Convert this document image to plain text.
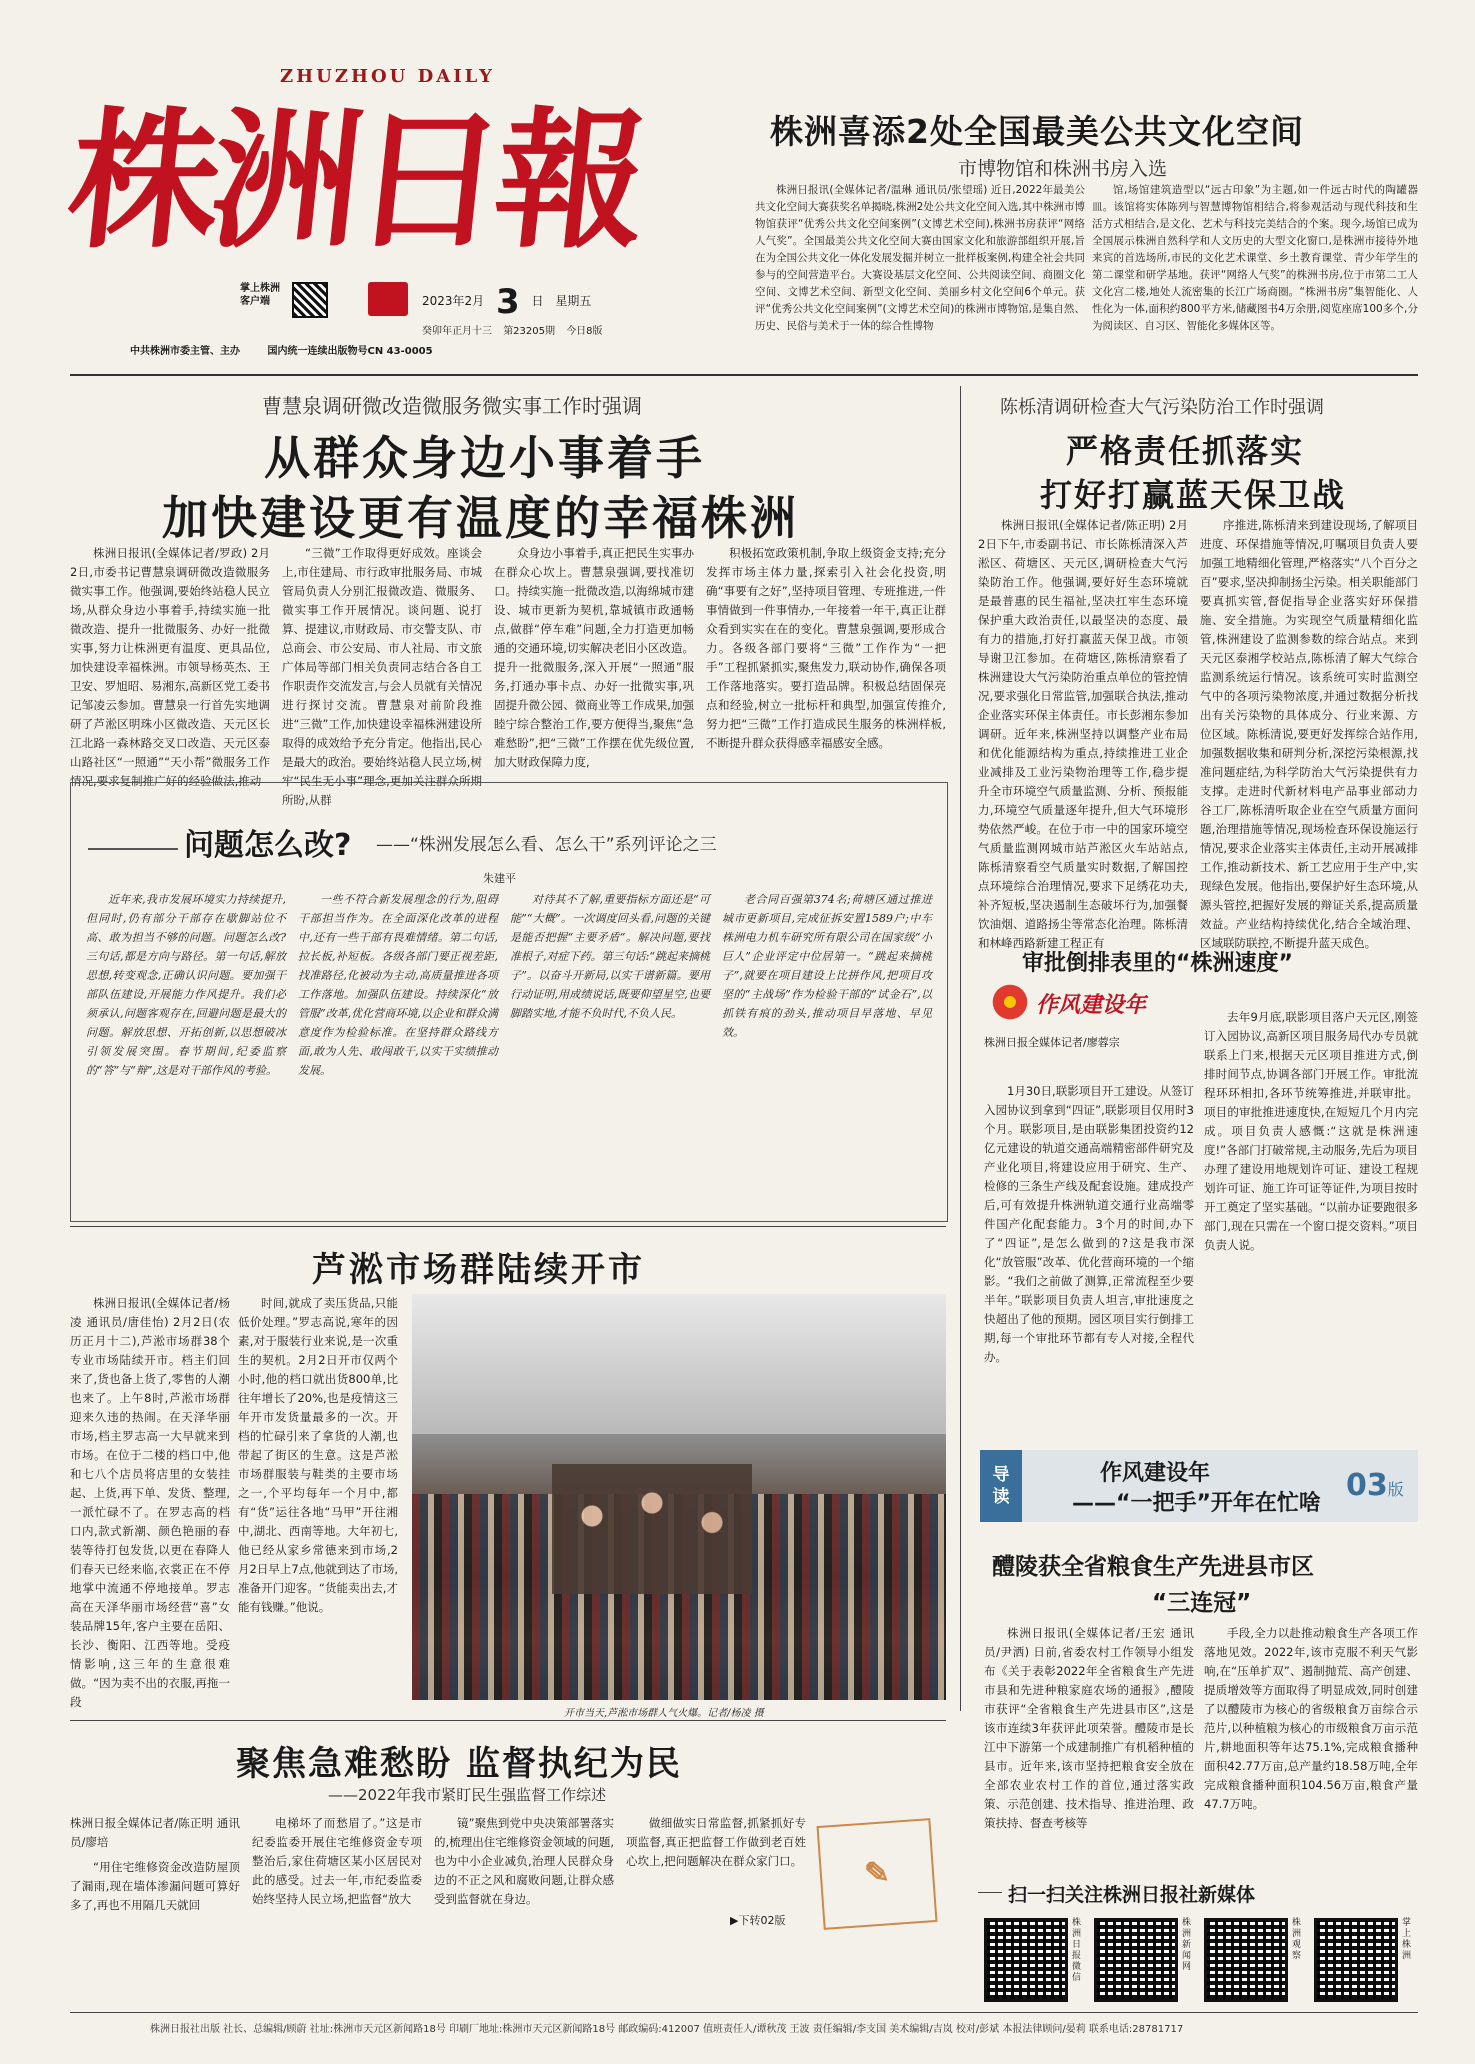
ZHUZHOU DAILY
株洲日報
掌上株洲
客户端	2023年2月 3 日 星期五
癸卯年正月十三 第23205期 今日8版
中共株洲市委主管、主办	国内统一连续出版物号CN 43-0005
株洲喜添2处全国最美公共文化空间
市博物馆和株洲书房入选

株洲日报讯(全媒体记者/温琳 通讯员/张望瑶) 近日,2022年最美公共文化空间大赛获奖名单揭晓,株洲2处公共文化空间入选,其中株洲市博物馆获评“优秀公共文化空间案例”(文博艺术空间),株洲书房获评“网络人气奖”。全国最美公共文化空间大赛由国家文化和旅游部组织开展,旨在为全国公共文化一体化发展发掘并树立一批样板案例,构建全社会共同参与的空间营造平台。大赛设基层文化空间、公共阅读空间、商圈文化空间、文博艺术空间、新型文化空间、美丽乡村文化空间6个单元。获评“优秀公共文化空间案例”(文博艺术空间)的株洲市博物馆,是集自然、历史、民俗与美术于一体的综合性博物

馆,场馆建筑造型以“远古印象”为主题,如一件远古时代的陶罐器皿。该馆将实体陈列与智慧博物馆相结合,将参观活动与现代科技和生活方式相结合,是文化、艺术与科技完美结合的个案。现今,场馆已成为全国展示株洲自然科学和人文历史的大型文化窗口,是株洲市接待外地来宾的首选场所,市民的文化艺术课堂、乡土教育课堂、青少年学生的第二课堂和研学基地。获评“网络人气奖”的株洲书房,位于市第二工人文化宫二楼,地处人流密集的长江广场商圈。“株洲书房”集智能化、人性化为一体,面积约800平方米,储藏图书4万余册,阅览座席100多个,分为阅读区、自习区、智能化多媒体区等。

曹慧泉调研微改造微服务微实事工作时强调
从群众身边小事着手
加快建设更有温度的幸福株洲

株洲日报讯(全媒体记者/罗政) 2月2日,市委书记曹慧泉调研微改造微服务微实事工作。他强调,要始终站稳人民立场,从群众身边小事着手,持续实施一批微改造、提升一批微服务、办好一批微实事,努力让株洲更有温度、更具品位,加快建设幸福株洲。市领导杨英杰、王卫安、罗旭昭、易湘东,高新区党工委书记邹凌云参加。曹慧泉一行首先实地调研了芦淞区明珠小区微改造、天元区长江北路一森林路交叉口改造、天元区泰山路社区“一照通”“天小帮”微服务工作情况,要求复制推广好的经验做法,推动

“三微”工作取得更好成效。座谈会上,市住建局、市行政审批服务局、市城管局负责人分别汇报微改造、微服务、微实事工作开展情况。谈问题、说打算、提建议,市财政局、市交警支队、市总商会、市公安局、市人社局、市文旅广体局等部门相关负责同志结合各自工作职责作交流发言,与会人员就有关情况进行探讨交流。曹慧泉对前阶段推进“三微”工作,加快建设幸福株洲建设所取得的成效给予充分肯定。他指出,民心是最大的政治。要始终站稳人民立场,树牢“民生无小事”理念,更加关注群众所期所盼,从群

众身边小事着手,真正把民生实事办在群众心坎上。曹慧泉强调,要找准切口。持续实施一批微改造,以海绵城市建设、城市更新为契机,靠城镇市政通畅点,做群“停车难”问题,全力打造更加畅通的交通环境,切实解决老旧小区改造。提升一批微服务,深入开展“一照通”服务,打通办事卡点、办好一批微实事,巩固提升微公园、微商业等工作成果,加强睦宁综合整治工作,要方便得当,聚焦“急难愁盼”,把“三微”工作摆在优先级位置,加大财政保障力度,

积极拓宽政策机制,争取上级资金支持;充分发挥市场主体力量,探索引入社会化投资,明确“事要有之好”,坚持项目管理、专班推进,一件事情做到一件事情办,一年接着一年干,真正让群众看到实实在在的变化。曹慧泉强调,要形成合力。各级各部门要将“三微”工作作为“一把手”工程抓紧抓实,聚焦发力,联动协作,确保各项工作落地落实。要打造品牌。积极总结固保亮点和经验,树立一批标杆和典型,加强宣传推介,努力把“三微”工作打造成民生服务的株洲样板,不断提升群众获得感幸福感安全感。

陈栎清调研检查大气污染防治工作时强调
严格责任抓落实
打好打赢蓝天保卫战

株洲日报讯(全媒体记者/陈正明) 2月2日下午,市委副书记、市长陈栎清深入芦淞区、荷塘区、天元区,调研检查大气污染防治工作。他强调,要好好生态环境就是最普惠的民生福祉,坚决扛牢生态环境保护重大政治责任,以最坚决的态度、最有力的措施,打好打赢蓝天保卫战。市领导谢卫江参加。在荷塘区,陈栎清察看了株洲建设大气污染防治重点单位的管控情况,要求强化日常监管,加强联合执法,推动企业落实环保主体责任。市长彭湘东参加调研。近年来,株洲坚持以调整产业布局和优化能源结构为重点,持续推进工业企业减排及工业污染物治理等工作,稳步提升全市环境空气质量监测、分析、预报能力,环境空气质量逐年提升,但大气环境形势依然严峻。在位于市一中的国家环境空气质量监测网城市站芦淞区火车站站点,陈栎清察看空气质量实时数据,了解国控点环境综合治理情况,要求下足绣花功夫,补齐短板,坚决遏制生态破坏行为,加强餐饮油烟、道路扬尘等常态化治理。陈栎清和林峰西路新建工程正有

序推进,陈栎清来到建设现场,了解项目进度、环保措施等情况,叮嘱项目负责人要加强工地精细化管理,严格落实“八个百分之百”要求,坚决抑制扬尘污染。相关职能部门要真抓实管,督促指导企业落实好环保措施、安全措施。为实现空气质量精细化监管,株洲建设了监测参数的综合站点。来到天元区泰湘学校站点,陈栎清了解大气综合监测系统运行情况。该系统可实时监测空气中的各项污染物浓度,并通过数据分析找出有关污染物的具体成分、行业来源、方位区域。陈栎清说,要更好发挥综合站作用,加强数据收集和研判分析,深挖污染根源,找准问题症结,为科学防治大气污染提供有力支撑。走进时代新材料电产品事业部动力谷工厂,陈栎清听取企业在空气质量方面问题,治理措施等情况,现场检查环保设施运行情况,要求企业落实主体责任,主动开展减排工作,推动新技术、新工艺应用于生产中,实现绿色发展。他指出,要保护好生态环境,从源头管控,把握好发展的辩证关系,提高质量效益。产业结构持续优化,结合全域治理、区域联防联控,不断提升蓝天成色。

问题怎么改? ——“株洲发展怎么看、怎么干”系列评论之三
朱建平

近年来,我市发展环境实力持续提升,但同时,仍有部分干部存在歇脚站位不高、敢为担当不够的问题。问题怎么改?三句话,都是方向与路径。第一句话,解放思想,转变观念,正确认识问题。要加强干部队伍建设,开展能力作风提升。我们必须承认,问题客观存在,回避问题是最大的问题。解放思想、开拓创新,以思想破冰引领发展突围。春节期间,纪委监察的“答”与“辩”,这是对干部作风的考验。

一些不符合新发展理念的行为,阻碍干部担当作为。在全面深化改革的进程中,还有一些干部有畏难情绪。第二句话,拉长板,补短板。各级各部门要正视差距,找准路径,化被动为主动,高质量推进各项工作落地。加强队伍建设。持续深化“放管服”改革,优化营商环境,以企业和群众满意度作为检验标准。在坚持群众路线方面,敢为人先、敢闯敢干,以实干实绩推动发展。

对待其不了解,重要指标方面还是“可能”“大概”。一次调度回头看,问题的关键是能否把握“主要矛盾”。解决问题,要找准根子,对症下药。第三句话:“跳起来摘桃子”。以奋斗开新局,以实干谱新篇。要用行动证明,用成绩说话,既要仰望星空,也要脚踏实地,才能不负时代,不负人民。

老合同百强第374名;荷塘区通过推进城市更新项目,完成征拆安置1589户;中车株洲电力机车研究所有限公司在国家级“小巨人”企业评定中位居第一。“跳起来摘桃子”,就要在项目建设上比拼作风,把项目攻坚的“主战场”作为检验干部的“试金石”,以抓铁有痕的劲头,推动项目早落地、早见效。

审批倒排表里的“株洲速度”
作风建设年
株洲日报全媒体记者/廖蓉宗

1月30日,联影项目开工建设。从签订入园协议到拿到“四证”,联影项目仅用时3个月。联影项目,是由联影集团投资约12亿元建设的轨道交通高端精密部件研究及产业化项目,将建设应用于研究、生产、检修的三条生产线及配套设施。建成投产后,可有效提升株洲轨道交通行业高端零件国产化配套能力。3个月的时间,办下了“四证”,是怎么做到的?这是我市深化“放管服”改革、优化营商环境的一个缩影。“我们之前做了测算,正常流程至少要半年。”联影项目负责人坦言,审批速度之快超出了他的预期。园区项目实行倒排工期,每一个审批环节都有专人对接,全程代办。

去年9月底,联影项目落户天元区,刚签订入园协议,高新区项目服务局代办专员就联系上门来,根据天元区项目推进方式,倒排时间节点,协调各部门开展工作。审批流程环环相扣,各环节统筹推进,并联审批。项目的审批推进速度快,在短短几个月内完成。项目负责人感慨:“这就是株洲速度!”各部门打破常规,主动服务,先后为项目办理了建设用地规划许可证、建设工程规划许可证、施工许可证等证件,为项目按时开工奠定了坚实基础。“以前办证要跑很多部门,现在只需在一个窗口提交资料。”项目负责人说。

导
读
作风建设年
——“一把手”开年在忙啥
03版
醴陵获全省粮食生产先进县市区
“三连冠”

株洲日报讯(全媒体记者/王宏 通讯员/尹洒) 日前,省委农村工作领导小组发布《关于表彰2022年全省粮食生产先进市县和先进种粮家庭农场的通报》,醴陵市获评“全省粮食生产先进县市区”,这是该市连续3年获评此项荣誉。醴陵市是长江中下游第一个成建制推广有机稻种植的县市。近年来,该市坚持把粮食安全放在全部农业农村工作的首位,通过落实政策、示范创建、技术指导、推进治理、政策扶持、督查考核等

手段,全力以赴推动粮食生产各项工作落地见效。2022年,该市克服不利天气影响,在“压单扩双”、遏制抛荒、高产创建、提质增效等方面取得了明显成效,同时创建了以醴陵市为核心的省级粮食万亩综合示范片,以种植粮为核心的市级粮食万亩示范片,耕地面积等年达75.1%,完成粮食播种面积42.77万亩,总产量约18.58万吨,全年完成粮食播种面积104.56万亩,粮食产量47.7万吨。

芦淞市场群陆续开市

株洲日报讯(全媒体记者/杨凌 通讯员/唐佳怡) 2月2日(农历正月十二),芦淞市场群38个专业市场陆续开市。档主们回来了,货也备上货了,零售的人潮也来了。上午8时,芦淞市场群迎来久违的热闹。在天泽华丽市场,档主罗志高一大早就来到市场。在位于二楼的档口中,他和七八个店员将店里的女装挂起、上货,再下单、发货、整理,一派忙碌不了。在罗志高的档口内,款式新潮、颜色艳丽的春装等待打包发货,以更在春降人们春天已经来临,衣裳正在不停地掌中流通不停地接单。罗志高在天泽华丽市场经营“喜”女装品牌15年,客户主要在岳阳、长沙、衡阳、江西等地。受疫情影响,这三年的生意很难做。“因为卖不出的衣服,再拖一段

时间,就成了卖压货品,只能低价处理。”罗志高说,寒年的因素,对于服装行业来说,是一次重生的契机。2月2日开市仅两个小时,他的档口就出货800单,比往年增长了20%,也是疫情这三年开市发货量最多的一次。开档的忙碌引来了拿货的人潮,也带起了街区的生意。这是芦淞市场群服装与鞋类的主要市场之一,个平均每年一个月中,都有“货”运往各地“马甲”开往湘中,湖北、西南等地。大年初七,他已经从家乡常德来到市场,2月2日早上7点,他就到达了市场,准备开门迎客。“货能卖出去,才能有钱赚。”他说。

开市当天,芦淞市场群人气火爆。记者/杨凌 摄
聚焦急难愁盼 监督执纪为民
——2022年我市紧盯民生强监督工作综述
株洲日报全媒体记者/陈正明 通讯员/廖培

“用住宅维修资金改造防屋顶了漏雨,现在墙体渗漏问题可算好多了,再也不用隔几天就回

电梯坏了而愁眉了。”这是市纪委监委开展住宅维修资金专项整治后,家住荷塘区某小区居民对此的感受。过去一年,市纪委监委始终坚持人民立场,把监督“放大

镜”聚焦到党中央决策部署落实的,梳理出住宅维修资金领域的问题,也为中小企业减负,治理人民群众身边的不正之风和腐败问题,让群众感受到监督就在身边。

做细做实日常监督,抓紧抓好专项监督,真正把监督工作做到老百姓心坎上,把问题解决在群众家门口。

▶下转02版
✎
扫一扫关注株洲日报社新媒体
株洲日报微信
株洲新闻网
株洲观察
掌上株洲
株洲日报社出版 社长、总编辑/顾蔚 社址:株洲市天元区新闻路18号 印刷厂地址:株洲市天元区新闻路18号 邮政编码:412007 值班责任人/谭秋茂 王波 责任编辑/李支国 美术编辑/吉岚 校对/彭斌 本报法律顾问/晏莉 联系电话:28781717
